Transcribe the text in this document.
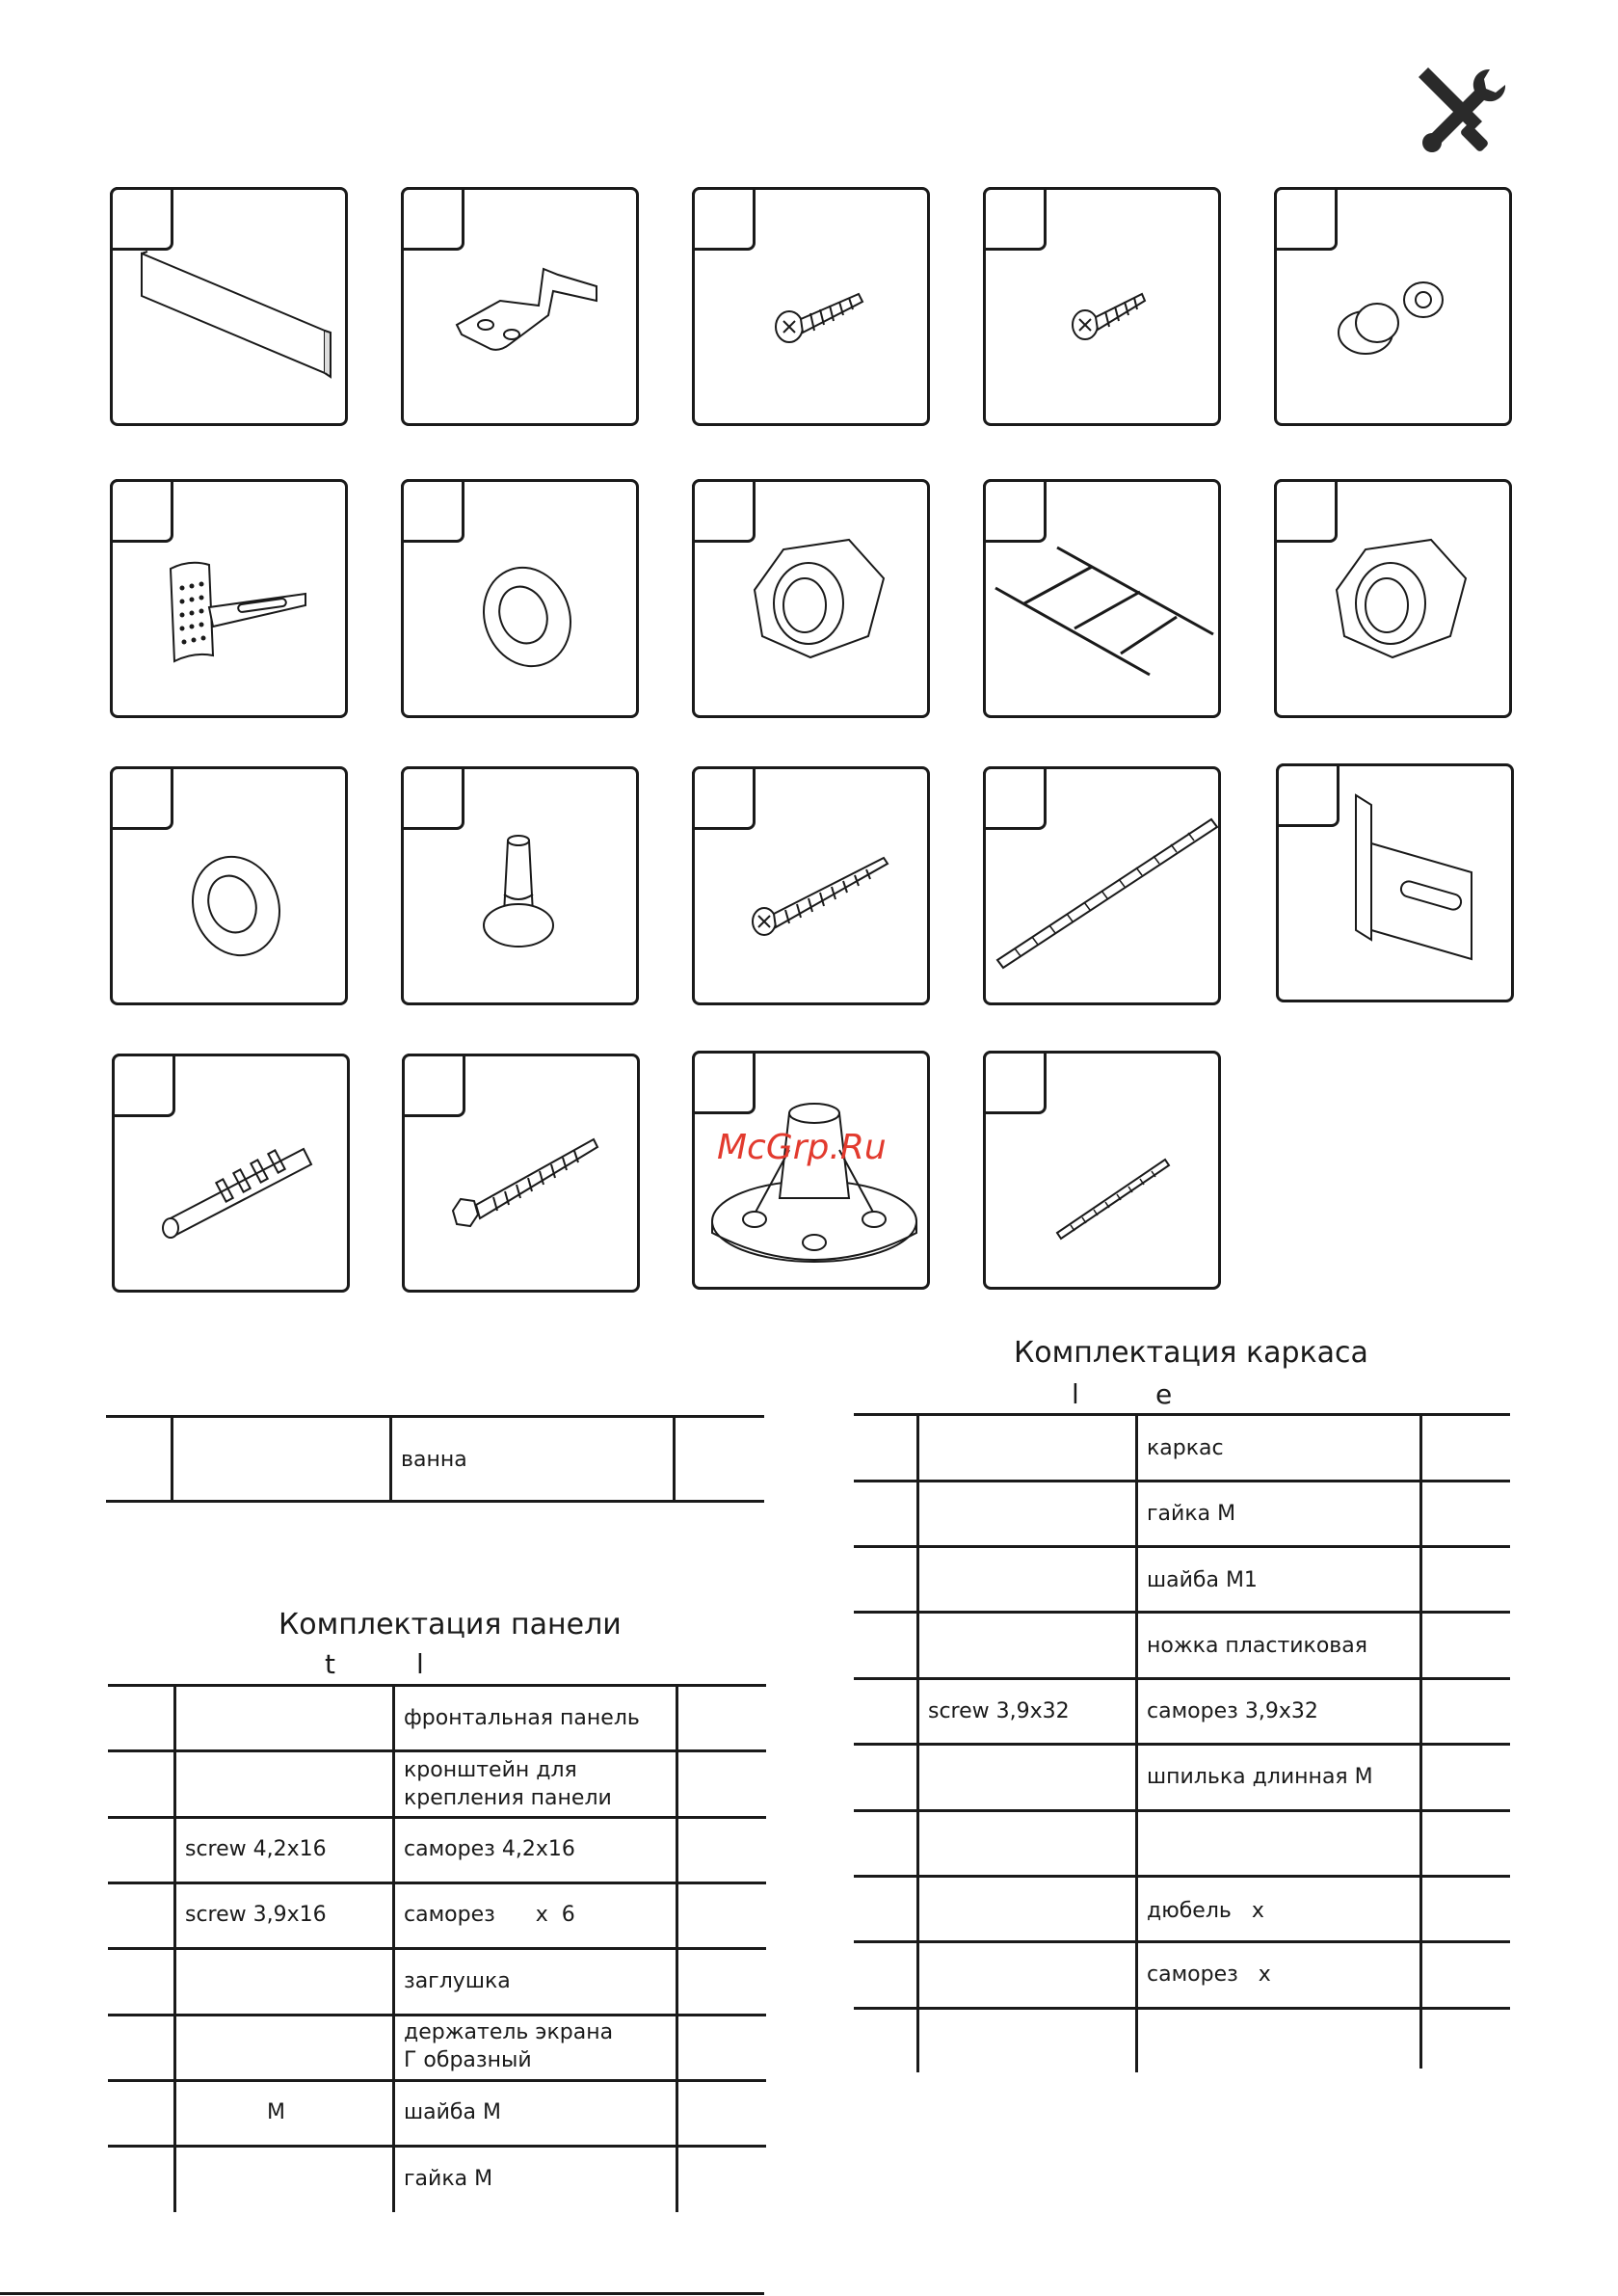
McGrp.Ru
ванна
Комплектация панели
t	l
фронтальная панель
кронштейн для
крепления панели
screw 4,2x16	саморез 4,2x16
screw 3,9x16	саморез      x  6
заглушка
держатель экрана
Г образный
M	шайба M
гайка M
Комплектация каркаса
l	e
каркас
гайка M
шайба M1
ножка пластиковая
screw 3,9x32	саморез 3,9x32
шпилька длинная M
дюбель   x
саморез   x
